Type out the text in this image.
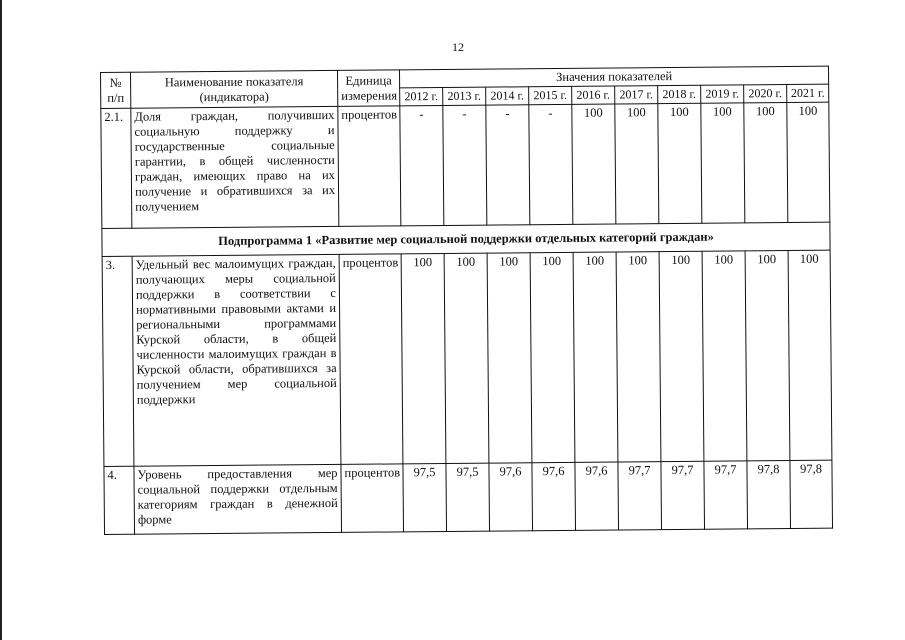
12
№ п/п	Наименование показателя (индикатора)	Единица измерения	Значения показателей									
			2012 г.	2013 г.	2014 г.	2015 г.	2016 г.	2017 г.	2018 г.	2019 г.	2020 г.	2021 г.
2.1.	Доля граждан, получивших социальную поддержку и государственные социальные гарантии, в общей численности граждан, имеющих право на их получение и обратившихся за их получением	процентов	-	-	-	-	100	100	100	100	100	100
Подпрограмма 1 «Развитие мер социальной поддержки отдельных категорий граждан»												
3.	Удельный вес малоимущих граждан, получающих меры социальной поддержки в соответствии с нормативными правовыми актами и региональными программами Курской области, в общей численности малоимущих граждан в Курской области, обратившихся за получением мер социальной поддержки	процентов	100	100	100	100	100	100	100	100	100	100
4.	Уровень предоставления мер социальной поддержки отдельным категориям граждан в денежной форме	процентов	97,5	97,5	97,6	97,6	97,6	97,7	97,7	97,7	97,8	97,8
